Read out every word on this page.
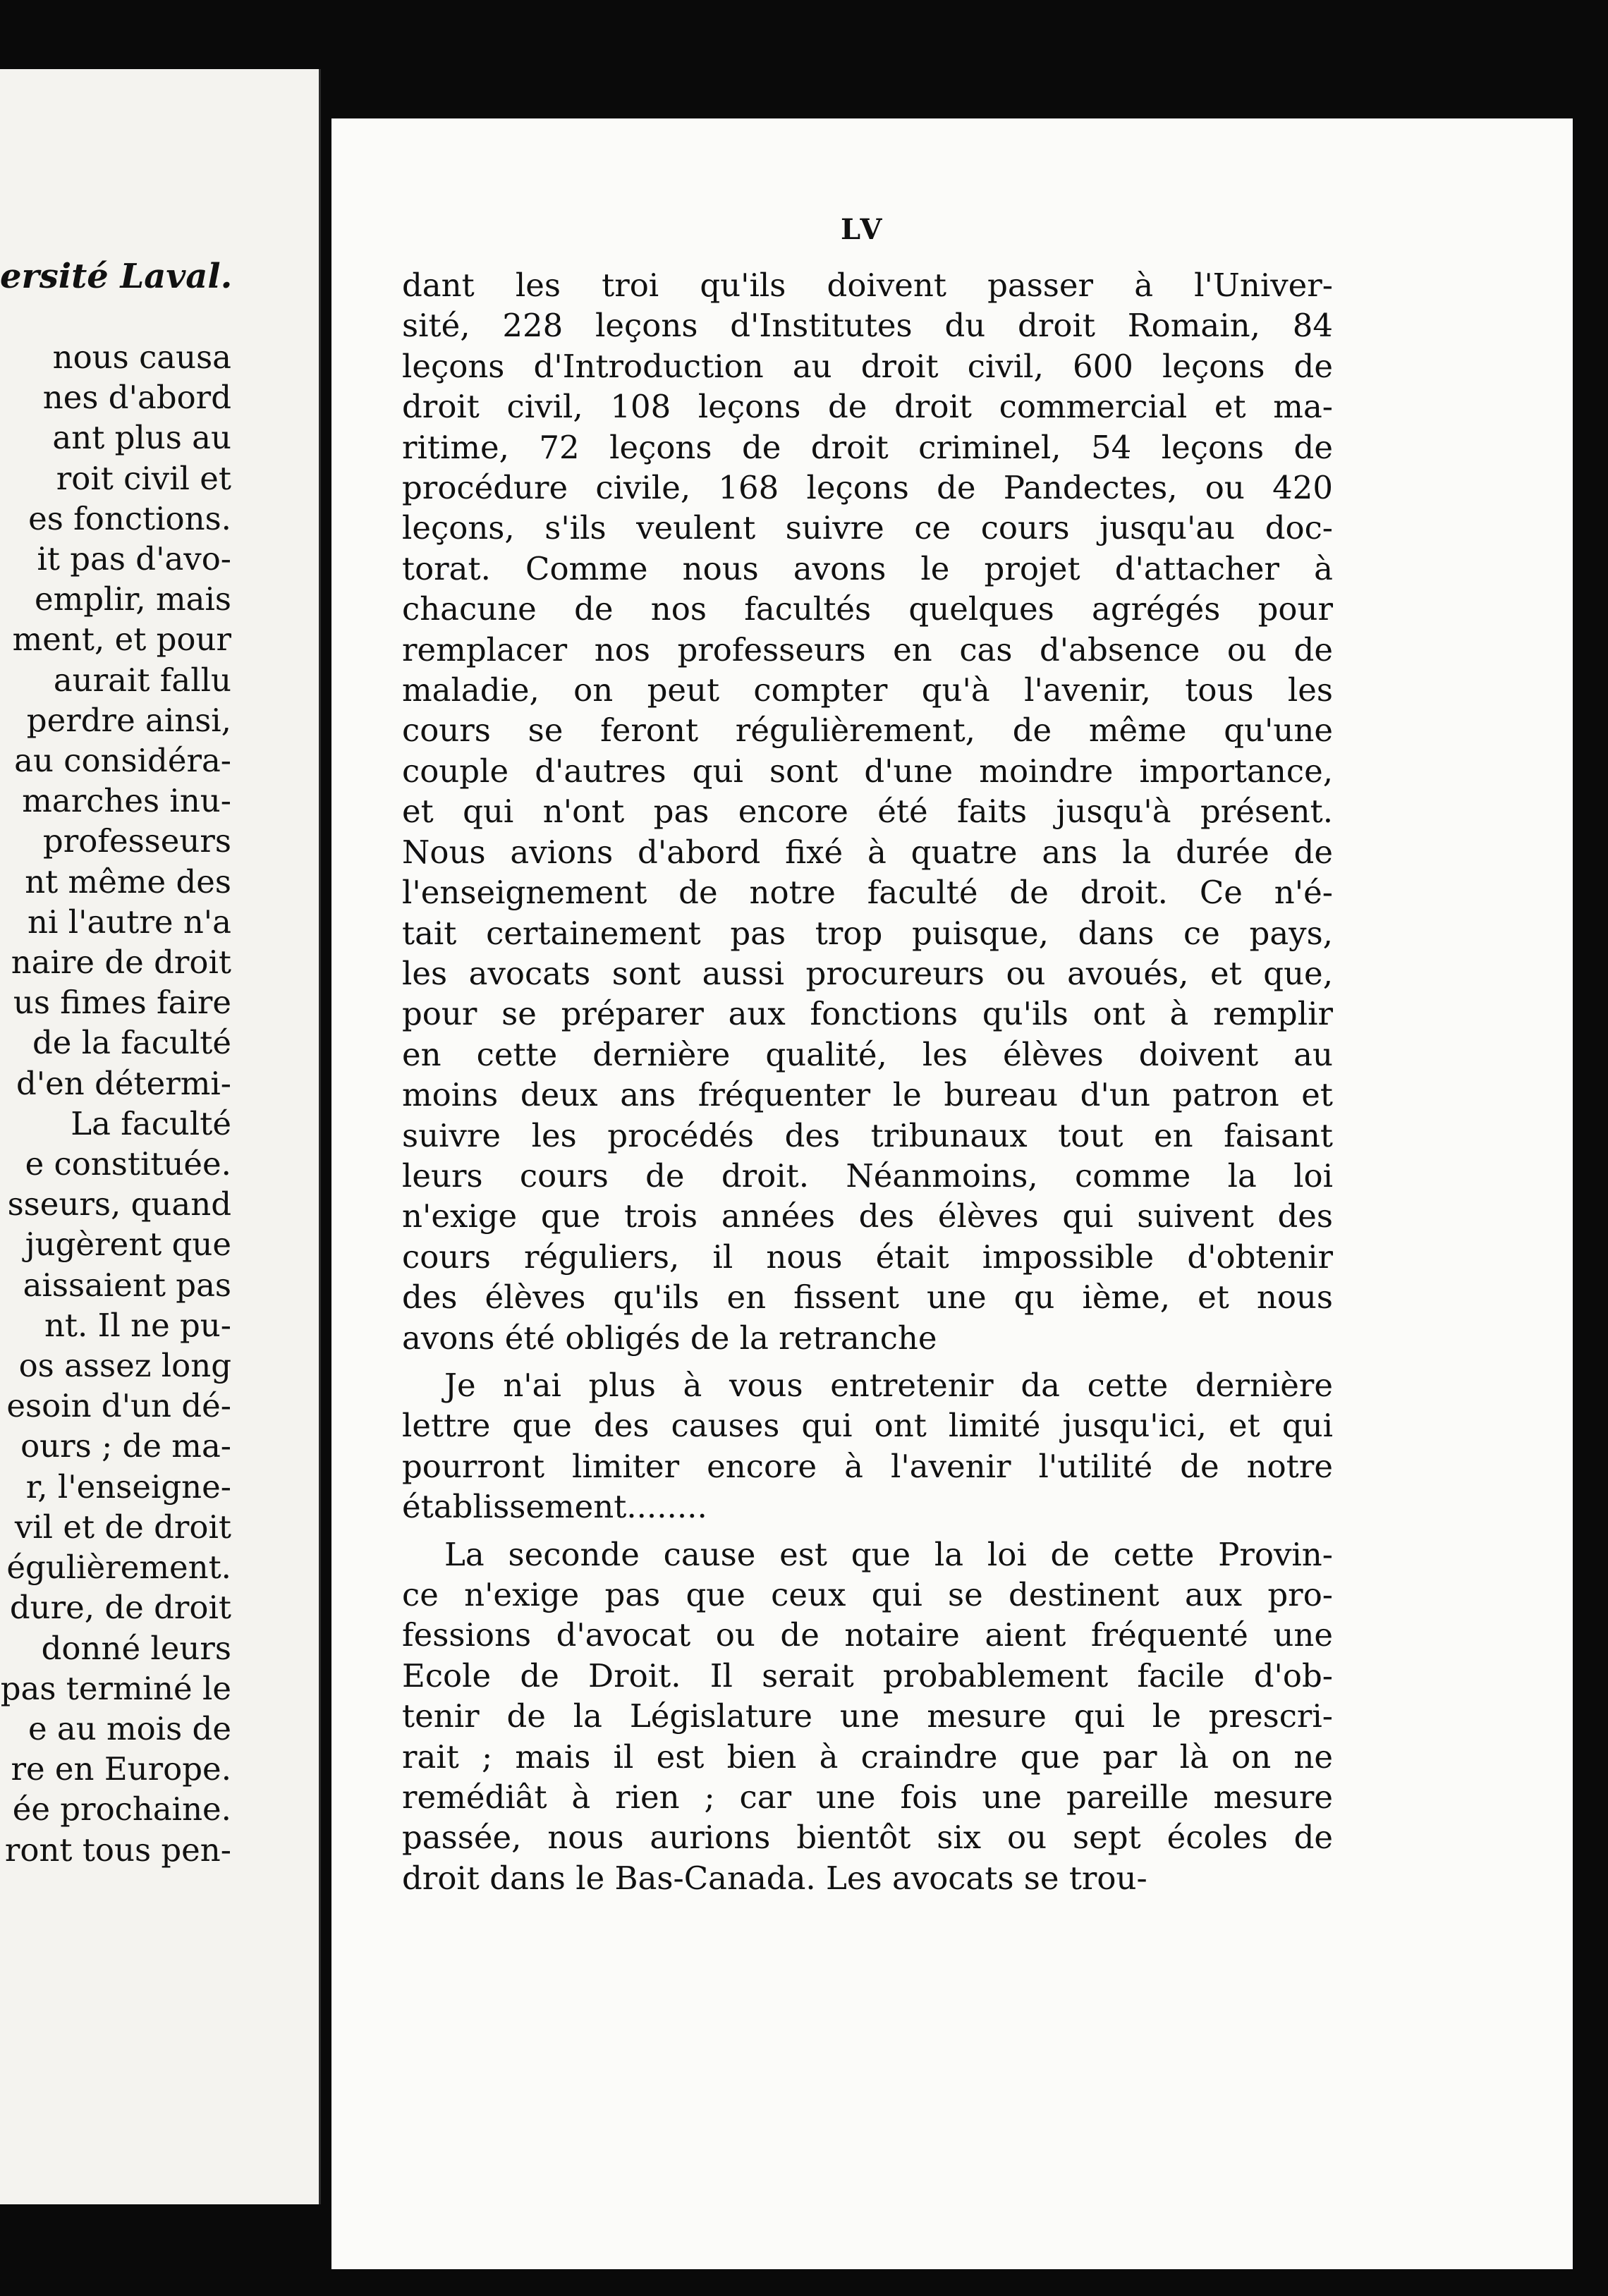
ersité Laval.
nous causa
nes d'abord
ant plus au
roit civil et
es fonctions.
it pas d'avo-
emplir, mais
ment, et pour
aurait fallu
perdre ainsi,
au considéra-
marches inu-
professeurs
nt même des
ni l'autre n'a
naire de droit
us fimes faire
de la faculté
d'en détermi-
La faculté
e constituée.
sseurs, quand
jugèrent que
aissaient pas
nt. Il ne pu-
os assez long
esoin d'un dé-
ours ; de ma-
r, l'enseigne-
vil et de droit
égulièrement.
dure, de droit
donné leurs
pas terminé le
e au mois de
re en Europe.
ée prochaine.
ront tous pen-
LV
dant les troi qu'ils doivent passer à l'Univer-
sité, 228 leçons d'Institutes du droit Romain, 84
leçons d'Introduction au droit civil, 600 leçons de
droit civil, 108 leçons de droit commercial et ma-
ritime, 72 leçons de droit criminel, 54 leçons de
procédure civile, 168 leçons de Pandectes, ou 420
leçons, s'ils veulent suivre ce cours jusqu'au doc-
torat. Comme nous avons le projet d'attacher à
chacune de nos facultés quelques agrégés pour
remplacer nos professeurs en cas d'absence ou de
maladie, on peut compter qu'à l'avenir, tous les
cours se feront régulièrement, de même qu'une
couple d'autres qui sont d'une moindre importance,
et qui n'ont pas encore été faits jusqu'à présent.
Nous avions d'abord fixé à quatre ans la durée de
l'enseignement de notre faculté de droit. Ce n'é-
tait certainement pas trop puisque, dans ce pays,
les avocats sont aussi procureurs ou avoués, et que,
pour se préparer aux fonctions qu'ils ont à remplir
en cette dernière qualité, les élèves doivent au
moins deux ans fréquenter le bureau d'un patron et
suivre les procédés des tribunaux tout en faisant
leurs cours de droit. Néanmoins, comme la loi
n'exige que trois années des élèves qui suivent des
cours réguliers, il nous était impossible d'obtenir
des élèves qu'ils en fissent une qu ième, et nous
avons été obligés de la retranche
Je n'ai plus à vous entretenir da cette dernière
lettre que des causes qui ont limité jusqu'ici, et qui
pourront limiter encore à l'avenir l'utilité de notre
établissement........
La seconde cause est que la loi de cette Provin-
ce n'exige pas que ceux qui se destinent aux pro-
fessions d'avocat ou de notaire aient fréquenté une
Ecole de Droit. Il serait probablement facile d'ob-
tenir de la Législature une mesure qui le prescri-
rait ; mais il est bien à craindre que par là on ne
remédiât à rien ; car une fois une pareille mesure
passée, nous aurions bientôt six ou sept écoles de
droit dans le Bas-Canada. Les avocats se trou-
